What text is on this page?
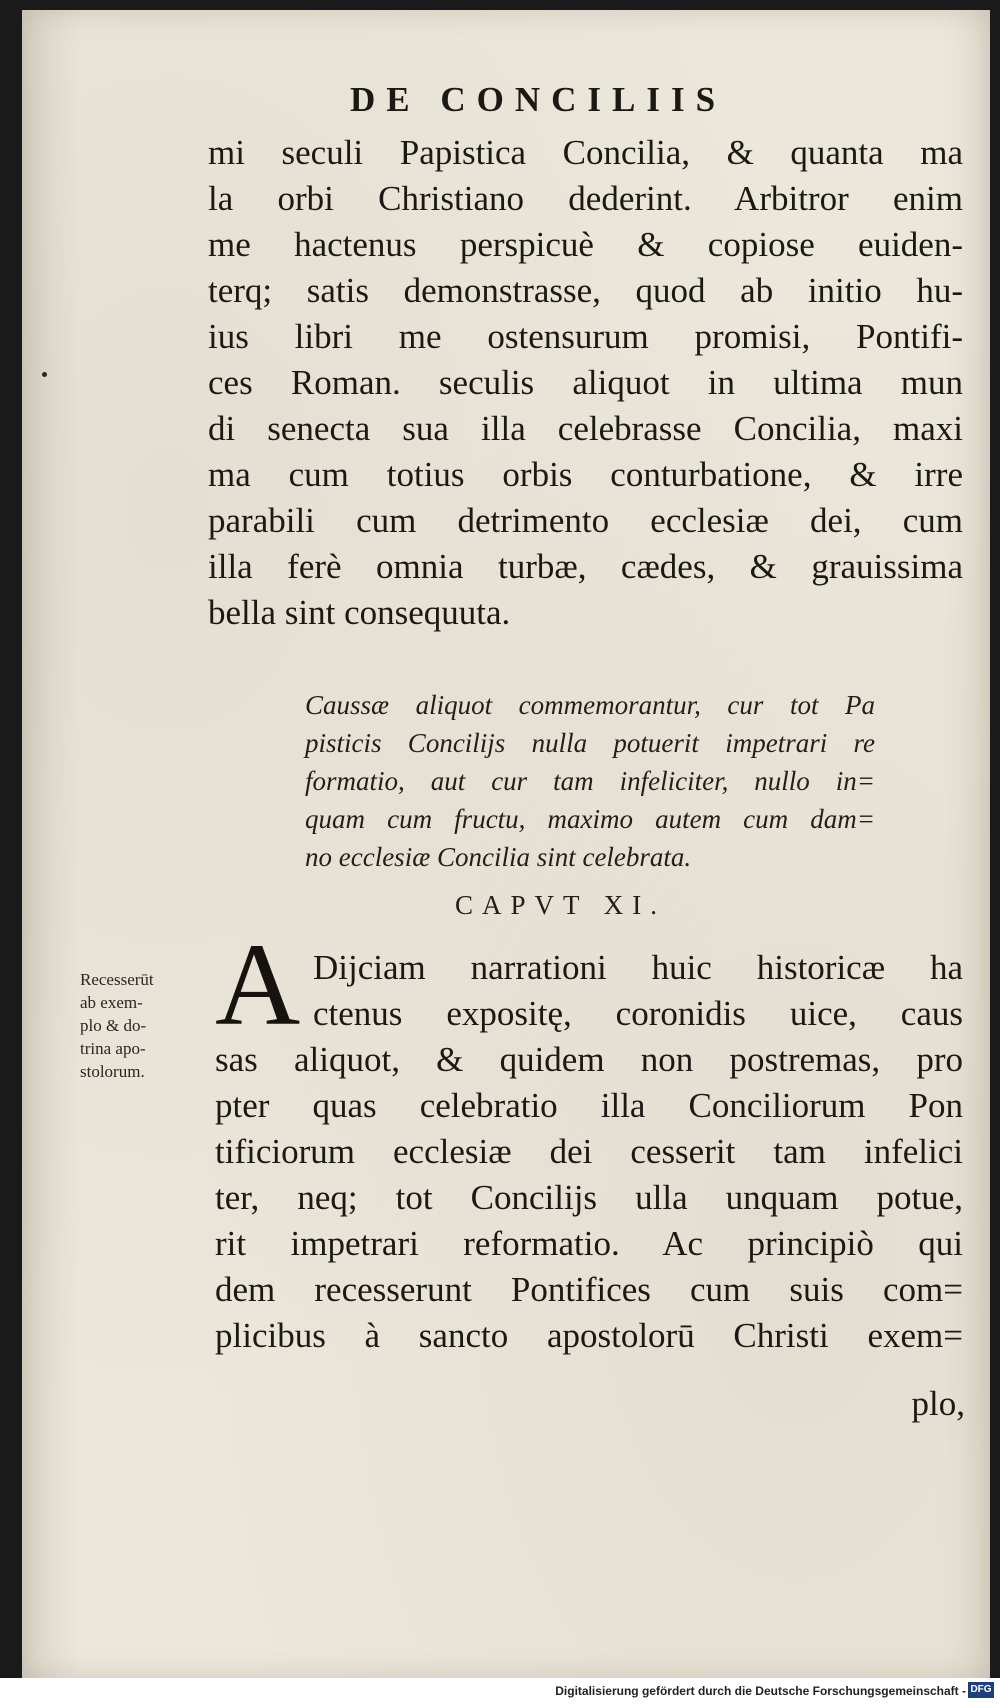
DE CONCILIIS
mi seculi Papistica Concilia, & quanta ma
la orbi Christiano dederint. Arbitror enim
me hactenus perspicuè & copiose euiden-
terq; satis demonstrasse, quod ab initio hu-
ius libri me ostensurum promisi, Pontifi-
ces Roman. seculis aliquot in ultima mun
di senecta sua illa celebrasse Concilia, maxi
ma cum totius orbis conturbatione, & irre
parabili cum detrimento ecclesiæ dei, cum
illa ferè omnia turbæ, cædes, & grauissima
bella sint consequuta.
Caussæ aliquot commemorantur, cur tot Pa
pisticis Concilijs nulla potuerit impetrari re
formatio, aut cur tam infeliciter, nullo in=
quam cum fructu, maximo autem cum dam=
no ecclesiæ Concilia sint celebrata.
CAPVT XI.
A
Recesserūt
ab exem-
plo & do-
trina apo-
stolorum.
Dijciam narrationi huic historicæ ha
ctenus expositę, coronidis uice, caus
sas aliquot, & quidem non postremas, pro
pter quas celebratio illa Conciliorum Pon
tificiorum ecclesiæ dei cesserit tam infelici
ter, neq; tot Concilijs ulla unquam potue,
rit impetrari reformatio. Ac principiò qui
dem recesserunt Pontifices cum suis com=
plicibus à sancto apostolorū Christi exem=
plo,
Digitalisierung gefördert durch die Deutsche Forschungsgemeinschaft - DFG
